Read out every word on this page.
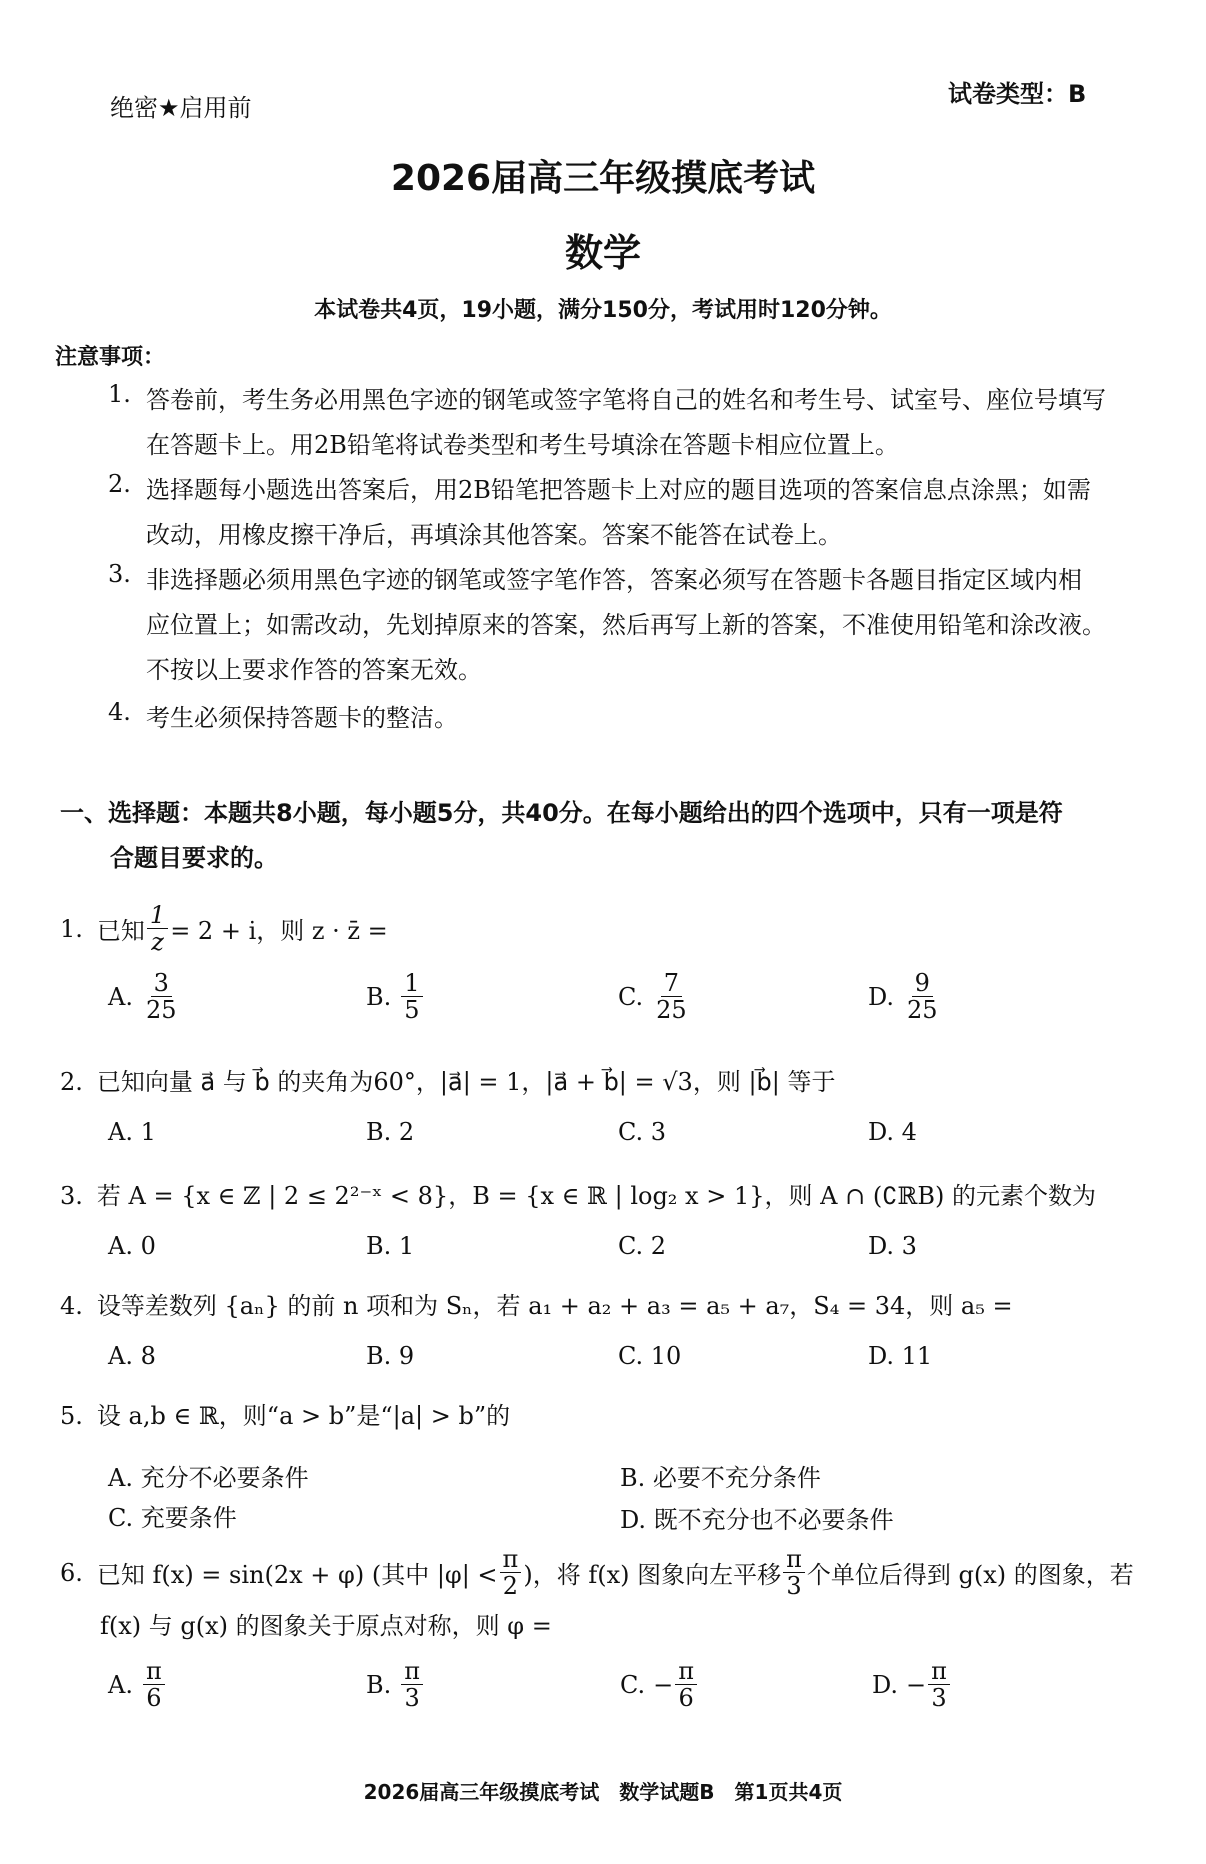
绝密★启用前	试卷类型：B
2026届高三年级摸底考试
数学
本试卷共4页，19小题，满分150分，考试用时120分钟。
注意事项：
1. 答卷前，考生务必用黑色字迹的钢笔或签字笔将自己的姓名和考生号、试室号、座位号填写
在答题卡上。用2B铅笔将试卷类型和考生号填涂在答题卡相应位置上。
2. 选择题每小题选出答案后，用2B铅笔把答题卡上对应的题目选项的答案信息点涂黑；如需
改动，用橡皮擦干净后，再填涂其他答案。答案不能答在试卷上。
3. 非选择题必须用黑色字迹的钢笔或签字笔作答，答案必须写在答题卡各题目指定区域内相
应位置上；如需改动，先划掉原来的答案，然后再写上新的答案，不准使用铅笔和涂改液。
不按以上要求作答的答案无效。
4. 考生必须保持答题卡的整洁。
一、选择题：本题共8小题，每小题5分，共40分。在每小题给出的四个选项中，只有一项是符
合题目要求的。
1. 已知 $\frac{1}{z} = 2 + i$，则 z · z̄ =
A. $\frac{3}{25}$	B. $\frac{1}{5}$	C. $\frac{7}{25}$	D. $\frac{9}{25}$
2. 已知向量 a⃗ 与 b⃗ 的夹角为60°，|a⃗| = 1，|a⃗ + b⃗| = √3，则 |b⃗| 等于
A. 1	B. 2	C. 3	D. 4
3. 若 A = {x ∈ ℤ | 2 ≤ 2²⁻ˣ < 8}，B = {x ∈ ℝ | log₂ x > 1}，则 A ∩ (∁ℝB) 的元素个数为
A. 0	B. 1	C. 2	D. 3
4. 设等差数列 {aₙ} 的前 n 项和为 Sₙ，若 a₁ + a₂ + a₃ = a₅ + a₇，S₄ = 34，则 a₅ =
A. 8	B. 9	C. 10	D. 11
5. 设 a,b ∈ ℝ，则“a > b”是“|a| > b”的
A. 充分不必要条件	B. 必要不充分条件
C. 充要条件	D. 既不充分也不必要条件
6. 已知 f(x) = sin(2x + φ) (其中 $|\varphi| < \frac{\pi}{2}$ )，将 f(x) 图象向左平移 $\frac{\pi}{3}$ 个单位后得到 g(x) 的图象，若
f(x) 与 g(x) 的图象关于原点对称，则 φ =
A. $\frac{\pi}{6}$	B. $\frac{\pi}{3}$	C. − $\frac{\pi}{6}$	D. − $\frac{\pi}{3}$
2026届高三年级摸底考试　数学试题B　第1页共4页
